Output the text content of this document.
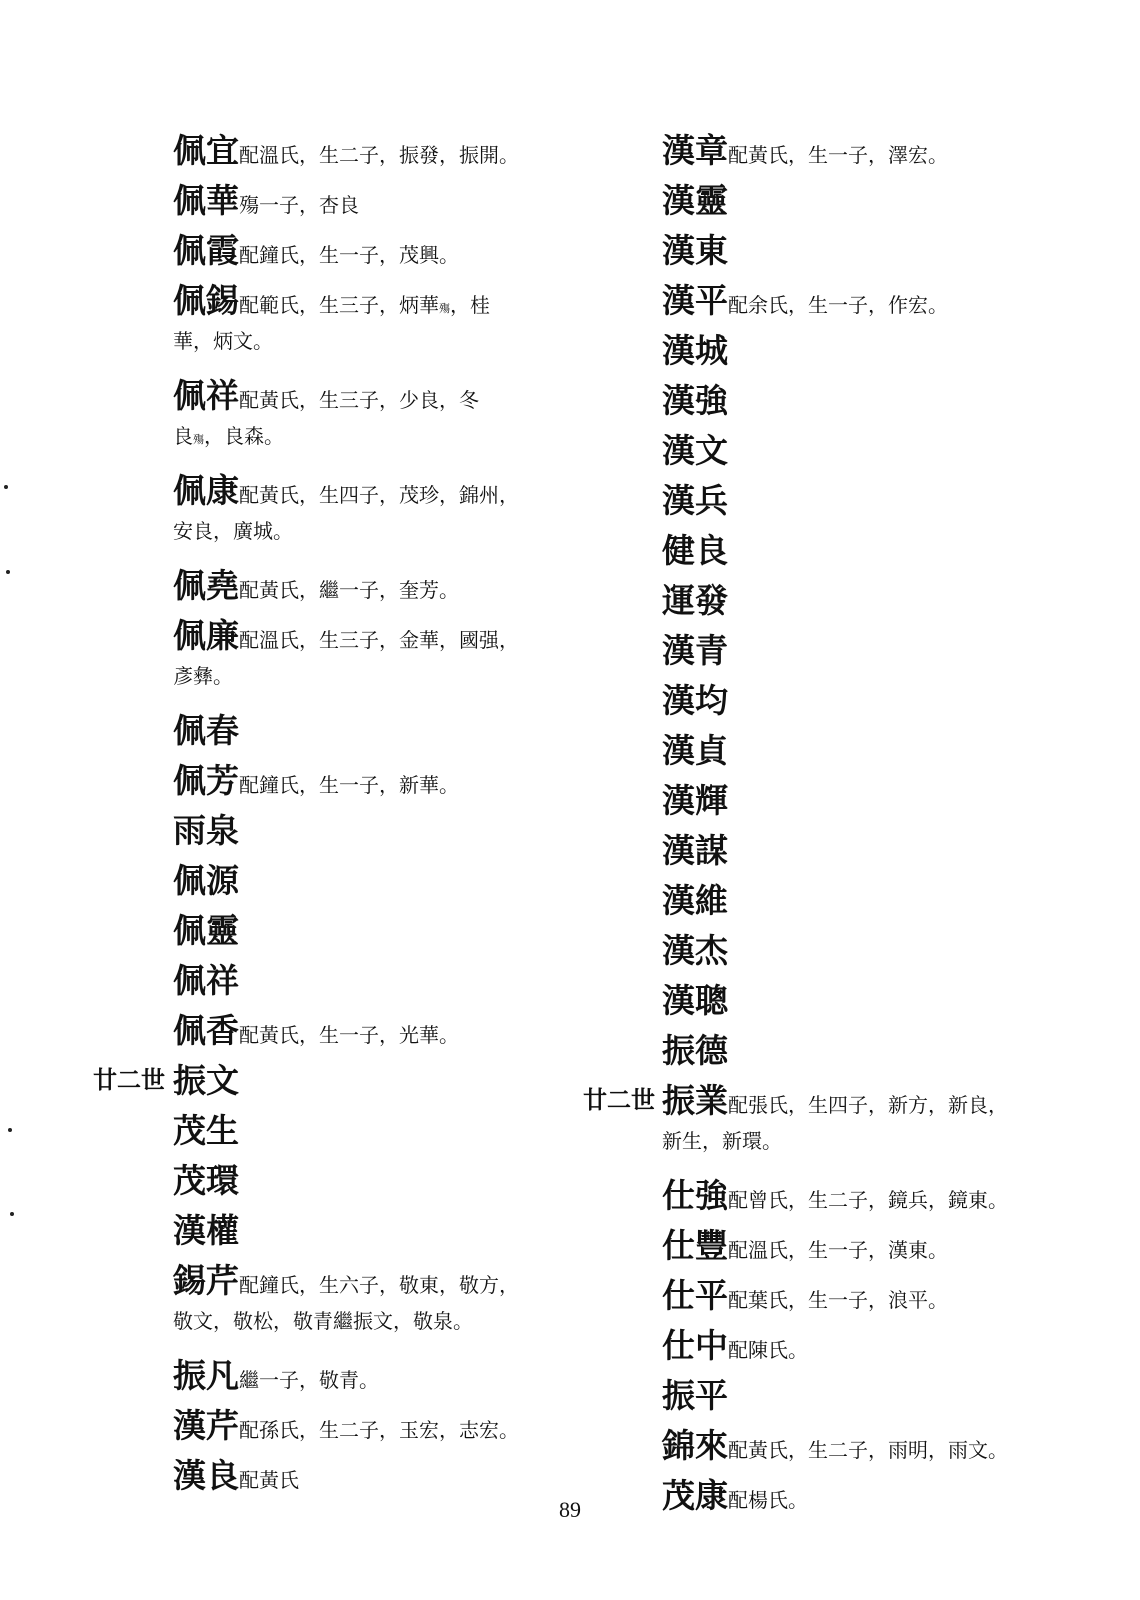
佩宜配溫氏，生二子，振發，振開。
佩華殤一子，杏良
佩霞配鐘氏，生一子，茂興。
佩錫配範氏，生三子，炳華殤，桂
華，炳文。
佩祥配黃氏，生三子，少良，冬
良殤，良森。
佩康配黃氏，生四子，茂珍，錦州，
安良，廣城。
佩堯配黃氏，繼一子，奎芳。
佩廉配溫氏，生三子，金華，國强，
彥彝。
佩春
佩芳配鐘氏，生一子，新華。
雨泉
佩源
佩靈
佩祥
佩香配黃氏，生一子，光華。
振文
茂生
茂環
漢權
錫芹配鐘氏，生六子，敬東，敬方，
敬文，敬松，敬青繼振文，敬泉。
振凡繼一子，敬青。
漢芹配孫氏，生二子，玉宏，志宏。
漢良配黃氏
漢章配黃氏，生一子，澤宏。
漢靈
漢東
漢平配余氏，生一子，作宏。
漢城
漢強
漢文
漢兵
健良
運發
漢青
漢均
漢貞
漢輝
漢謀
漢維
漢杰
漢聰
振德
振業配張氏，生四子，新方，新良，
新生，新環。
仕強配曾氏，生二子，鏡兵，鏡東。
仕豐配溫氏，生一子，漢東。
仕平配葉氏，生一子，浪平。
仕中配陳氏。
振平
錦來配黃氏，生二子，雨明，雨文。
茂康配楊氏。
廿二世
廿二世
89
